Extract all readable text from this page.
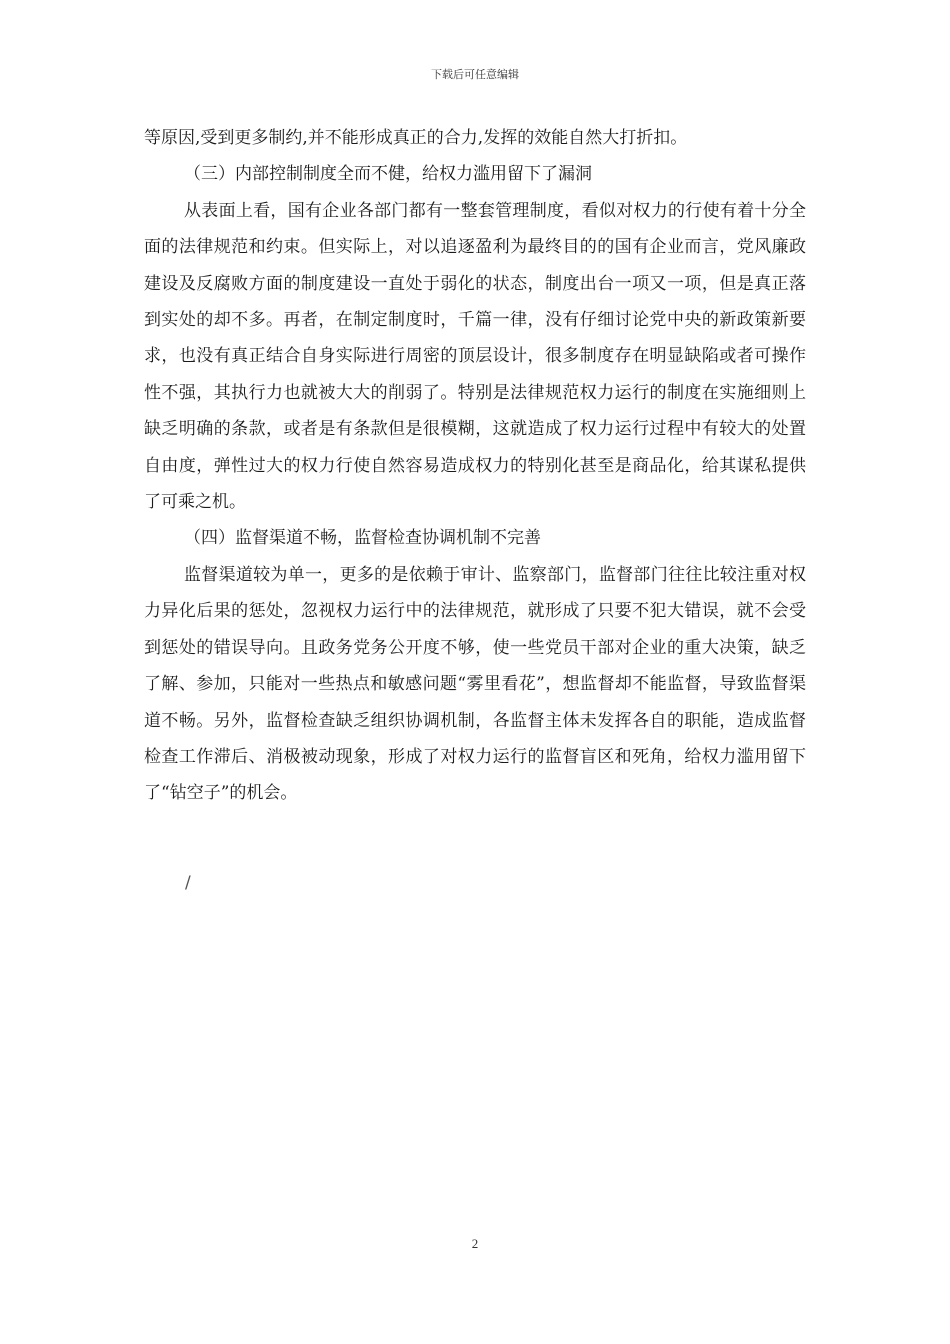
下载后可任意编辑

等原因,受到更多制约,并不能形成真正的合力,发挥的效能自然大打折扣。

（三）内部控制制度全而不健，给权力滥用留下了漏洞

从表面上看，国有企业各部门都有一整套管理制度，看似对权力的行使有着十分全面的法律规范和约束。但实际上，对以追逐盈利为最终目的的国有企业而言，党风廉政建设及反腐败方面的制度建设一直处于弱化的状态，制度出台一项又一项，但是真正落到实处的却不多。再者，在制定制度时，千篇一律，没有仔细讨论党中央的新政策新要求，也没有真正结合自身实际进行周密的顶层设计，很多制度存在明显缺陷或者可操作性不强，其执行力也就被大大的削弱了。特别是法律规范权力运行的制度在实施细则上缺乏明确的条款，或者是有条款但是很模糊，这就造成了权力运行过程中有较大的处置自由度，弹性过大的权力行使自然容易造成权力的特别化甚至是商品化，给其谋私提供了可乘之机。

（四）监督渠道不畅，监督检查协调机制不完善

监督渠道较为单一，更多的是依赖于审计、监察部门，监督部门往往比较注重对权力异化后果的惩处，忽视权力运行中的法律规范，就形成了只要不犯大错误，就不会受到惩处的错误导向。且政务党务公开度不够，使一些党员干部对企业的重大决策，缺乏了解、参加，只能对一些热点和敏感问题“雾里看花”，想监督却不能监督，导致监督渠道不畅。另外，监督检查缺乏组织协调机制，各监督主体未发挥各自的职能，造成监督检查工作滞后、消极被动现象，形成了对权力运行的监督盲区和死角，给权力滥用留下了“钻空子”的机会。

/
2
